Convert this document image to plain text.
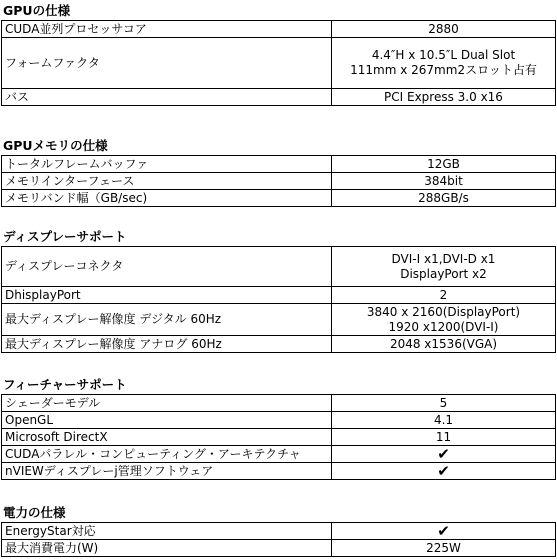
GPUの仕様
CUDA並列プロセッサコア	2880
フォームファクタ	4.4″H x 10.5″L Dual Slot
111mm x 267mm2スロット占有
バス	PCI Express 3.0 x16
GPUメモリの仕様
トータルフレームバッファ	12GB
メモリインターフェース	384bit
メモリバンド幅（GB/sec)	288GB/s
ディスプレーサポート
ディスプレーコネクタ	DVI-I x1,DVI-D x1
DisplayPort x2
DhisplayPort	2
最大ディスプレー解像度 デジタル 60Hz	3840 x 2160(DisplayPort)
1920 x1200(DVI-I)
最大ディスプレー解像度 アナログ 60Hz	2048 x1536(VGA)
フィーチャーサポート
シェーダーモデル	5
OpenGL	4.1
Microsoft DirectX	11
CUDAパラレル・コンピューティング・アーキテクチャ	✔
nVIEWディスプレーj管理ソフトウェア	✔
電力の仕様
EnergyStar対応	✔
最大消費電力(W)	225W
